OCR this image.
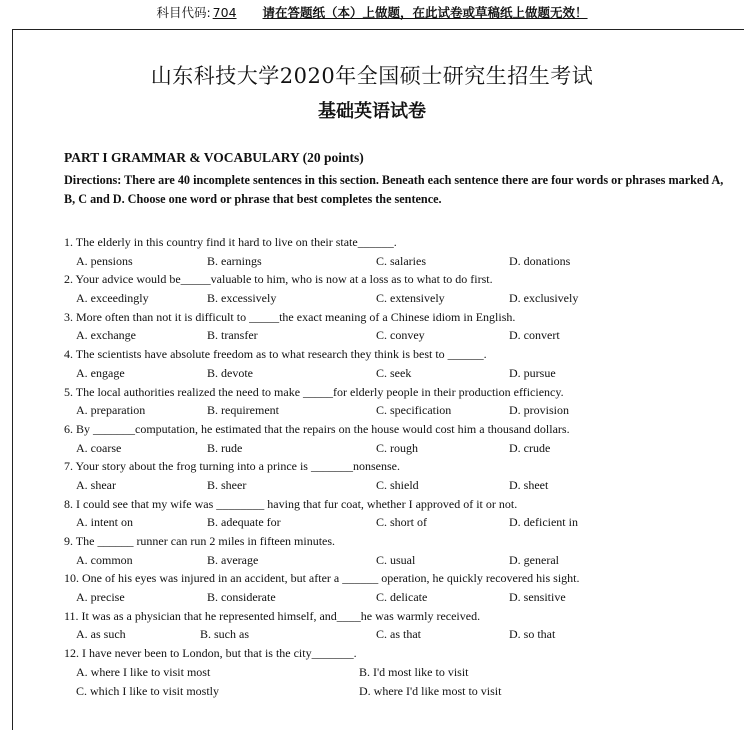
科目代码: 704 请在答题纸（本）上做题，在此试卷或草稿纸上做题无效！
山东科技大学2020年全国硕士研究生招生考试
基础英语试卷
PART I GRAMMAR & VOCABULARY (20 points)
Directions: There are 40 incomplete sentences in this section. Beneath each sentence there are four words or phrases marked A, B, C and D. Choose one word or phrase that best completes the sentence.
1. The elderly in this country find it hard to live on their state______.
A. pensions	B. earnings	C. salaries	D. donations
2. Your advice would be_____valuable to him, who is now at a loss as to what to do first.
A. exceedingly	B. excessively	C. extensively	D. exclusively
3. More often than not it is difficult to _____the exact meaning of a Chinese idiom in English.
A. exchange	B. transfer	C. convey	D. convert
4. The scientists have absolute freedom as to what research they think is best to ______.
A. engage	B. devote	C. seek	D. pursue
5. The local authorities realized the need to make _____for elderly people in their production efficiency.
A. preparation	B. requirement	C. specification	D. provision
6. By _______computation, he estimated that the repairs on the house would cost him a thousand dollars.
A. coarse	B. rude	C. rough	D. crude
7. Your story about the frog turning into a prince is _______nonsense.
A. shear	B. sheer	C. shield	D. sheet
8. I could see that my wife was ________ having that fur coat, whether I approved of it or not.
A. intent on	B. adequate for	C. short of	D. deficient in
9. The ______ runner can run 2 miles in fifteen minutes.
A. common	B. average	C. usual	D. general
10. One of his eyes was injured in an accident, but after a ______ operation, he quickly recovered his sight.
A. precise	B. considerate	C. delicate	D. sensitive
11. It was as a physician that he represented himself, and____he was warmly received.
A. as such	B. such as	C. as that	D. so that
12. I have never been to London, but that is the city_______.
A. where I like to visit most	B. I'd most like to visit
C. which I like to visit mostly	D. where I'd like most to visit
